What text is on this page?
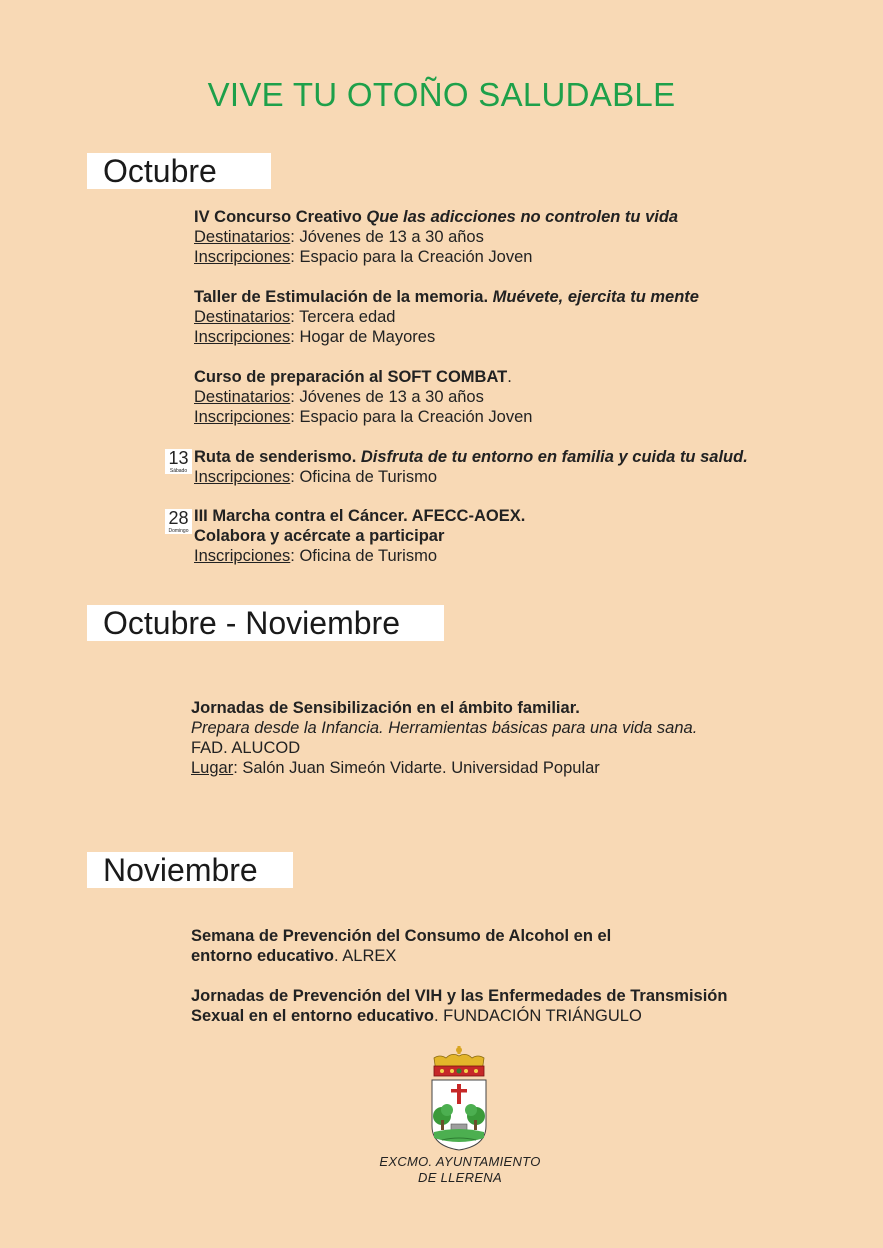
VIVE TU OTOÑO SALUDABLE
Octubre
IV Concurso Creativo Que las adicciones no controlen tu vida
Destinatarios: Jóvenes de 13 a 30 años
Inscripciones: Espacio para la Creación Joven
Taller de Estimulación de la memoria. Muévete, ejercita tu mente
Destinatarios: Tercera edad
Inscripciones: Hogar de Mayores
Curso de preparación al SOFT COMBAT.
Destinatarios: Jóvenes de 13 a 30 años
Inscripciones: Espacio para la Creación Joven
13
Sábado
Ruta de senderismo. Disfruta de tu entorno en familia y cuida tu salud.
Inscripciones: Oficina de Turismo
28
Domingo
III Marcha contra el Cáncer. AFECC-AOEX.
Colabora y acércate a participar
Inscripciones: Oficina de Turismo
Octubre - Noviembre
Jornadas de Sensibilización en el ámbito familiar.
Prepara desde la Infancia. Herramientas básicas para una vida sana.
FAD. ALUCOD
Lugar: Salón Juan Simeón Vidarte. Universidad Popular
Noviembre
Semana de Prevención del Consumo de Alcohol en el
entorno educativo. ALREX
Jornadas de Prevención del VIH y las Enfermedades de Transmisión
Sexual en el entorno educativo. FUNDACIÓN TRIÁNGULO
EXCMO. AYUNTAMIENTO
DE LLERENA
